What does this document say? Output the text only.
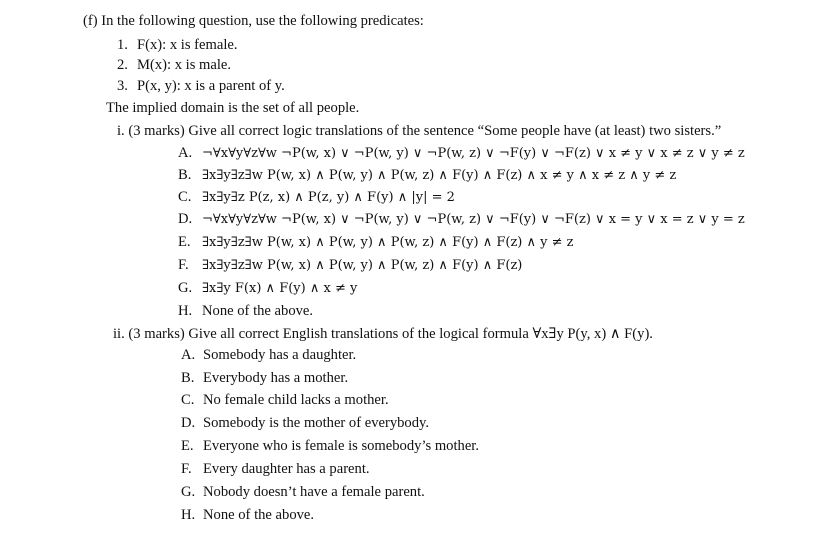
(f) In the following question, use the following predicates:
1. F(x): x is female.
2. M(x): x is male.
3. P(x, y): x is a parent of y.
The implied domain is the set of all people.
i. (3 marks) Give all correct logic translations of the sentence “Some people have (at least) two sisters.”
A. ¬∀x∀y∀z∀w ¬P(w, x) ∨ ¬P(w, y) ∨ ¬P(w, z) ∨ ¬F(y) ∨ ¬F(z) ∨ x ≠ y ∨ x ≠ z ∨ y ≠ z
B. ∃x∃y∃z∃w P(w, x) ∧ P(w, y) ∧ P(w, z) ∧ F(y) ∧ F(z) ∧ x ≠ y ∧ x ≠ z ∧ y ≠ z
C. ∃x∃y∃z P(z, x) ∧ P(z, y) ∧ F(y) ∧ |y| = 2
D. ¬∀x∀y∀z∀w ¬P(w, x) ∨ ¬P(w, y) ∨ ¬P(w, z) ∨ ¬F(y) ∨ ¬F(z) ∨ x = y ∨ x = z ∨ y = z
E. ∃x∃y∃z∃w P(w, x) ∧ P(w, y) ∧ P(w, z) ∧ F(y) ∧ F(z) ∧ y ≠ z
F. ∃x∃y∃z∃w P(w, x) ∧ P(w, y) ∧ P(w, z) ∧ F(y) ∧ F(z)
G. ∃x∃y F(x) ∧ F(y) ∧ x ≠ y
H. None of the above.
ii. (3 marks) Give all correct English translations of the logical formula ∀x∃y P(y, x) ∧ F(y).
A. Somebody has a daughter.
B. Everybody has a mother.
C. No female child lacks a mother.
D. Somebody is the mother of everybody.
E. Everyone who is female is somebody’s mother.
F. Every daughter has a parent.
G. Nobody doesn’t have a female parent.
H. None of the above.
